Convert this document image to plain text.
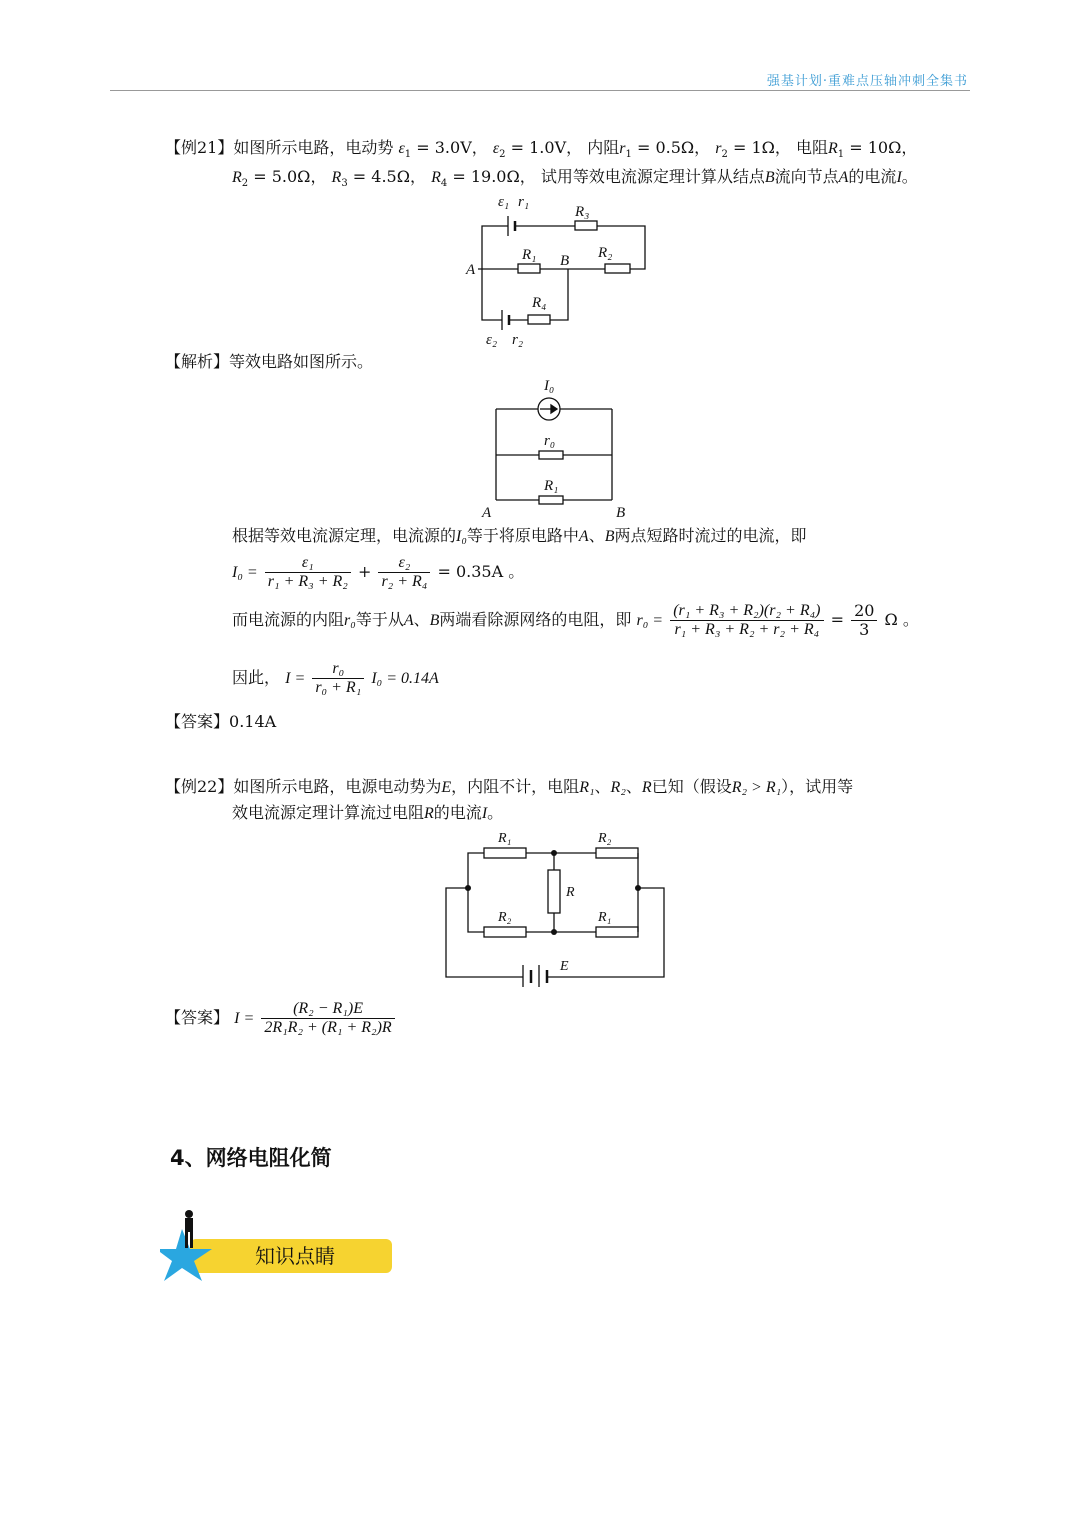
强基计划·重难点压轴冲刺全集书
【例21】如图所示电路，电动势 $\varepsilon_1 = 3.0V$， $\varepsilon_2 = 1.0V$， 内阻$r_1 = 0.5\Omega$， $r_2 = 1\Omega$， 电阻$R_1 = 10\Omega$，
$R_2 = 5.0\Omega$， $R_3 = 4.5\Omega$， $R_4 = 19.0\Omega$， 试用等效电流源定理计算从结点B流向节点A的电流I。
ε₁ r₁
R₃
R₁ B R₂
A
R₄
ε₂ r₂
【解析】等效电路如图所示。
I₀
r₀
R₁
A	B
根据等效电流源定理，电流源的I₀等于将原电路中A、B两点短路时流过的电流，即
$I_0 = \frac{\text{ε₁}}{\text{r₁ + R₃ + R₂}} + \frac{\text{ε₂}}{\text{r₂ + R₄}} = 0.35A$ 。
而电流源的内阻r₀等于从A、B两端看除源网络的电阻，即 $r_0 = \frac{\text{(r₁ + R₃ + R₂)(r₂ + R₄)}}{\text{r₁ + R₃ + R₂ + r₂ + R₄}} = \frac{20}{3}$ Ω 。
因此， $I = \frac{\text{r₀}}{\text{r₀ + R₁}} I_0 = 0.14A$
【答案】0.14A
【例22】如图所示电路，电源电动势为E，内阻不计，电阻R₁、R₂、R已知（假设R₂ > R₁），试用等
效电流源定理计算流过电阻R的电流I。
R₁	R₂
R
R₂	R₁
E
【答案】 $I = \frac{\text{(R₂ − R₁)E}}{\text{2R₁R₂ + (R₁ + R₂)R}}$
4、网络电阻化简
知识点睛
